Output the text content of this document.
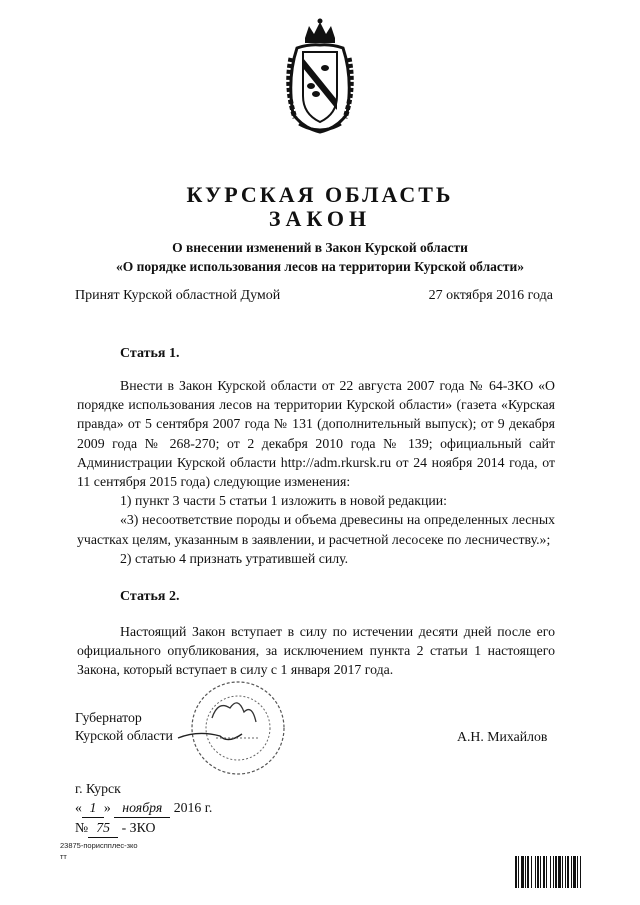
КУРСКАЯ ОБЛАСТЬ
ЗАКОН
О внесении изменений в Закон Курской области
«О порядке использования лесов на территории Курской области»
Принят Курской областной Думой	27 октября 2016 года
Статья 1.

Внести в Закон Курской области от 22 августа 2007 года № 64-ЗКО «О порядке использования лесов на территории Курской области» (газета «Курская правда» от 5 сентября 2007 года № 131 (дополнительный выпуск); от 9 декабря 2009 года № 268-270; от 2 декабря 2010 года № 139; официальный сайт Администрации Курской области http://adm.rkursk.ru от 24 ноября 2014 года, от 11 сентября 2015 года) следующие изменения:

1) пункт 3 части 5 статьи 1 изложить в новой редакции:

«3) несоответствие породы и объема древесины на определенных лесных участках целям, указанным в заявлении, и расчетной лесосеке по лесничеству.»;

2) статью 4 признать утратившей силу.

Статья 2.

Настоящий Закон вступает в силу по истечении десяти дней после его официального опубликования, за исключением пункта 2 статьи 1 настоящего Закона, который вступает в силу с 1 января 2017 года.

Губернатор
Курской области	А.Н. Михайлов
г. Курск
« 1 » ноября 2016 г.
№ 75 - ЗКО
23875-пориспплес-зко
тт
